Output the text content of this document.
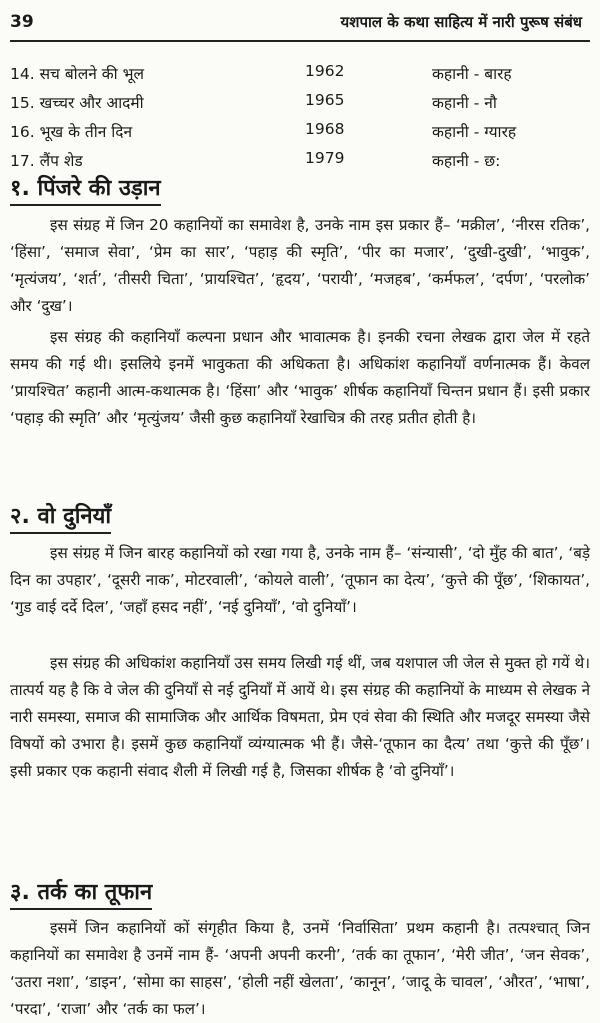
39	यशपाल के कथा साहित्य में नारी पुरूष संबंध
14. सच बोलने की भूल	1962	कहानी - बारह
15. खच्चर और आदमी	1965	कहानी - नौ
16. भूख के तीन दिन	1968	कहानी - ग्यारह
17. लैंप शेड	1979	कहानी - छ:
१. पिंजरे की उड़ान

इस संग्रह में जिन 20 कहानियों का समावेश है, उनके नाम इस प्रकार हैं– ‘मक्रील’, ‘नीरस रतिक’, ‘हिंसा’, ‘समाज सेवा’, ‘प्रेम का सार’, ‘पहाड़ की स्मृति’, ‘पीर का मजार’, ‘दुखी-दुखी’, ‘भावुक’, ‘मृत्यंजय’, ‘शर्त’, ‘तीसरी चिता’, ‘प्रायश्चित’, ‘हृदय’, ‘परायी’, ‘मजहब’, ‘कर्मफल’, ‘दर्पण’, ‘परलोक’ और ‘दुख’।

इस संग्रह की कहानियाँ कल्पना प्रधान और भावात्मक है। इनकी रचना लेखक द्वारा जेल में रहते समय की गई थी। इसलिये इनमें भावुकता की अधिकता है। अधिकांश कहानियाँ वर्णनात्मक हैं। केवल ‘प्रायश्चित’ कहानी आत्म-कथात्मक है। ‘हिंसा’ और ‘भावुक’ शीर्षक कहानियाँ चिन्तन प्रधान हैं। इसी प्रकार ‘पहाड़ की स्मृति’ और ‘मृत्युंजय’ जैसी कुछ कहानियाँ रेखाचित्र की तरह प्रतीत होती है।

२. वो दुनियाँ

इस संग्रह में जिन बारह कहानियों को रखा गया है, उनके नाम हैं– ‘संन्यासी’, ‘दो मुँह की बात’, ‘बड़े दिन का उपहार’, ‘दूसरी नाक’, मोटरवाली’, ‘कोयले वाली’, ‘तूफान का देत्य’, ‘कुत्ते की पूँछ’, ‘शिकायत’, ‘गुड वाई दर्दे दिल’, ‘जहाँ हसद नहीं’, ‘नई दुनियाँ’, ‘वो दुनियाँ’।

इस संग्रह की अधिकांश कहानियाँ उस समय लिखी गई थीं, जब यशपाल जी जेल से मुक्त हो गयें थे। तात्पर्य यह है कि वे जेल की दुनियाँ से नई दुनियाँ में आयें थे। इस संग्रह की कहानियों के माध्यम से लेखक ने नारी समस्या, समाज की सामाजिक और आर्थिक विषमता, प्रेम एवं सेवा की स्थिति और मजदूर समस्या जैसे विषयों को उभारा है। इसमें कुछ कहानियाँ व्यंग्यात्मक भी हैं। जैसे-‘तूफान का दैत्य’ तथा ‘कुत्ते की पूँछ’। इसी प्रकार एक कहानी संवाद शैली में लिखी गई है, जिसका शीर्षक है ‘वो दुनियाँ’।

३. तर्क का तूफान

इसमें जिन कहानियों कों संगृहीत किया है, उनमें ‘निर्वासिता’ प्रथम कहानी है। तत्पश्चात् जिन कहानियों का समावेश है उनमें नाम हैं- ‘अपनी अपनी करनी’, ‘तर्क का तूफान’, ‘मेरी जीत’, ‘जन सेवक’, ‘उतरा नशा’, ‘डाइन’, ‘सोमा का साहस’, ‘होली नहीं खेलता’, ‘कानून’, ‘जादू के चावल’, ‘औरत’, ‘भाषा’, ‘परदा’, ‘राजा’ और ‘तर्क का फल’।
